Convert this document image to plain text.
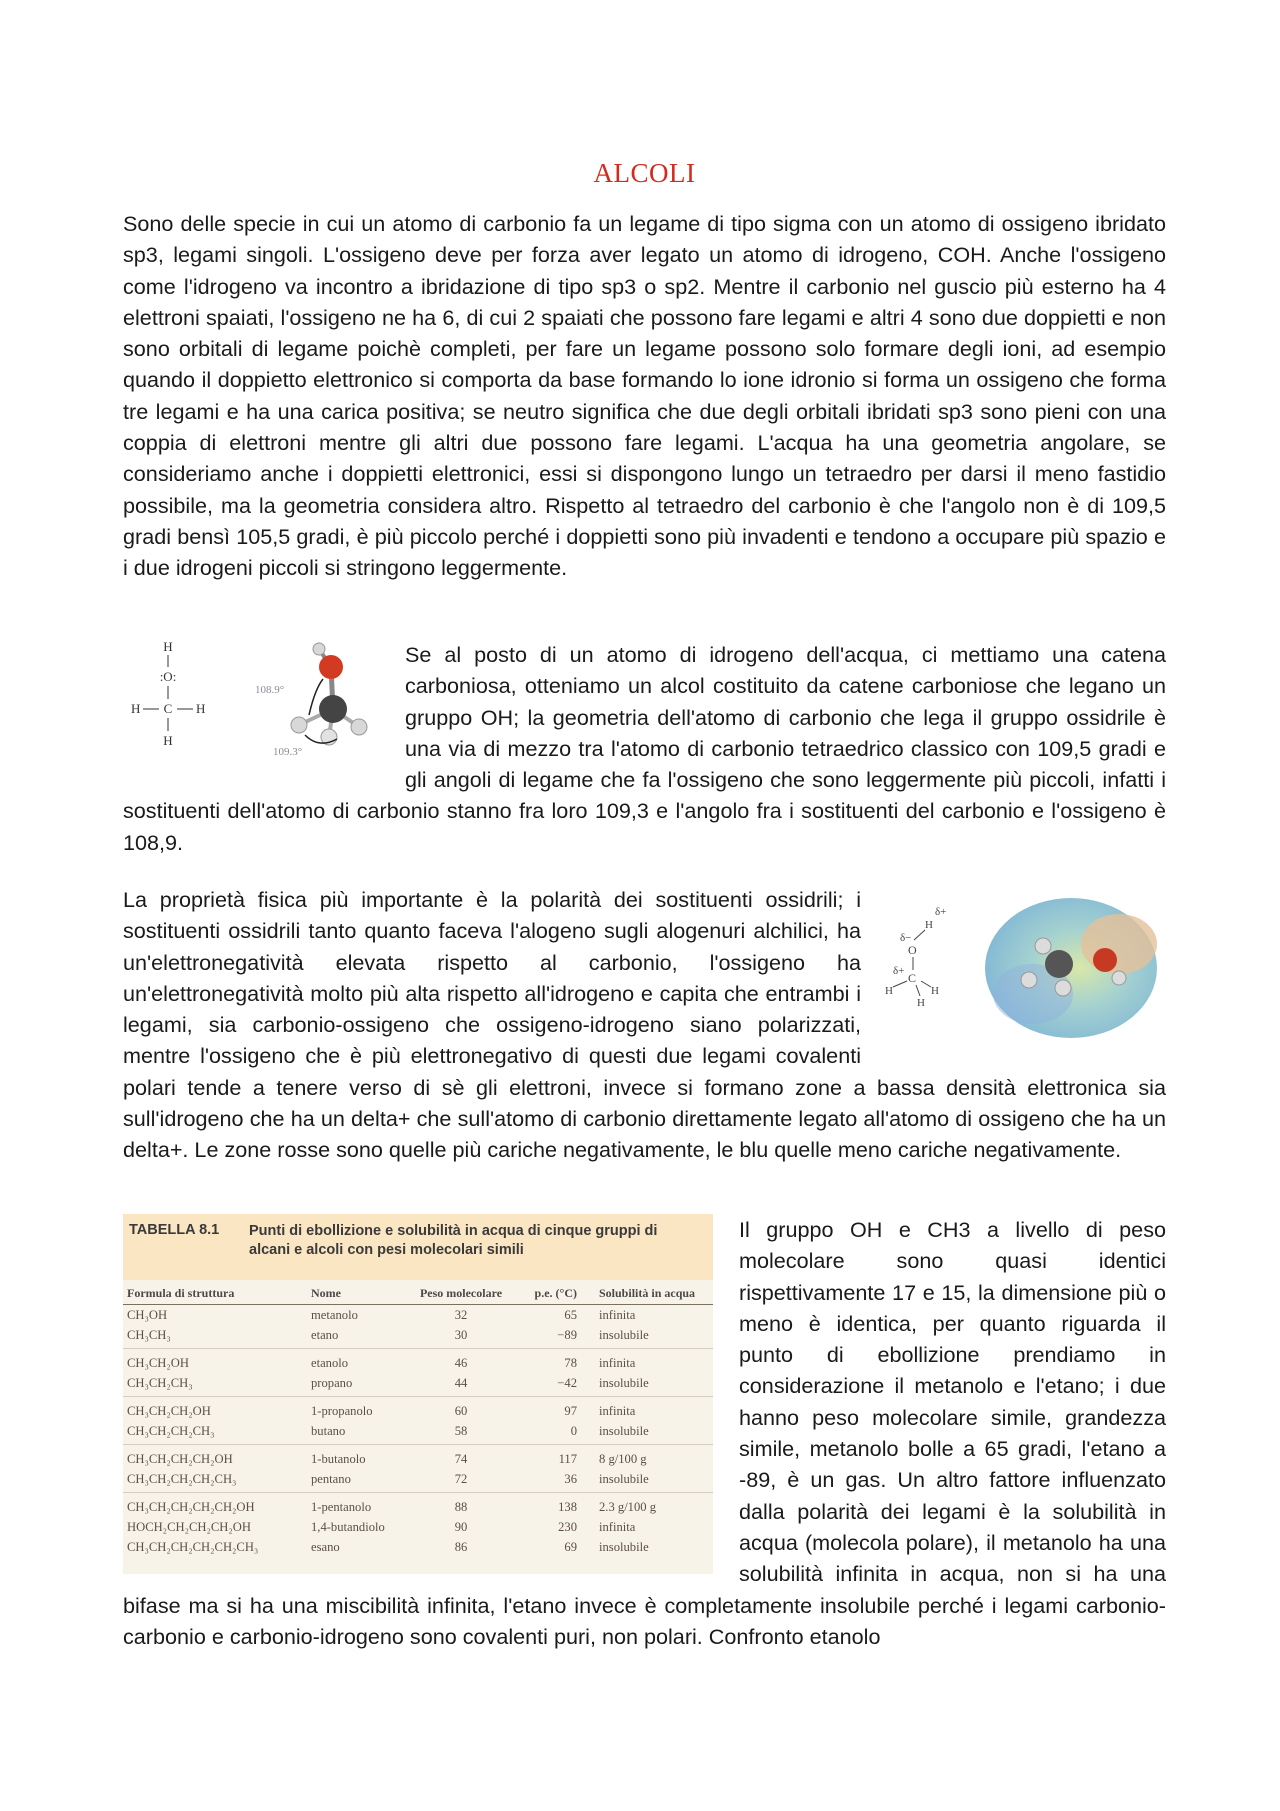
ALCOLI

Sono delle specie in cui un atomo di carbonio fa un legame di tipo sigma con un atomo di ossigeno ibridato sp3, legami singoli. L'ossigeno deve per forza aver legato un atomo di idrogeno, COH. Anche l'ossigeno come l'idrogeno va incontro a ibridazione di tipo sp3 o sp2. Mentre il carbonio nel guscio più esterno ha 4 elettroni spaiati, l'ossigeno ne ha 6, di cui 2 spaiati che possono fare legami e altri 4 sono due doppietti e non sono orbitali di legame poichè completi, per fare un legame possono solo formare degli ioni, ad esempio quando il doppietto elettronico si comporta da base formando lo ione idronio si forma un ossigeno che forma tre legami e ha una carica positiva; se neutro significa che due degli orbitali ibridati sp3 sono pieni con una coppia di elettroni mentre gli altri due possono fare legami. L'acqua ha una geometria angolare, se consideriamo anche i doppietti elettronici, essi si dispongono lungo un tetraedro per darsi il meno fastidio possibile, ma la geometria considera altro. Rispetto al tetraedro del carbonio è che l'angolo non è di 109,5 gradi bensì 105,5 gradi, è più piccolo perché i doppietti sono più invadenti e tendono a occupare più spazio e i due idrogeni piccoli si stringono leggermente.

H
:O:
H C H
H
108.9°
109.3°

Se al posto di un atomo di idrogeno dell'acqua, ci mettiamo una catena carboniosa, otteniamo un alcol costituito da catene carboniose che legano un gruppo OH; la geometria dell'atomo di carbonio che lega il gruppo ossidrile è una via di mezzo tra l'atomo di carbonio tetraedrico classico con 109,5 gradi e gli angoli di legame che fa l'ossigeno che sono leggermente più piccoli, infatti i sostituenti dell'atomo di carbonio stanno fra loro 109,3 e l'angolo fra i sostituenti del carbonio e l'ossigeno è 108,9.

δ+
H
δ−
O
δ+ C
H	H
H

La proprietà fisica più importante è la polarità dei sostituenti ossidrili; i sostituenti ossidrili tanto quanto faceva l'alogeno sugli alogenuri alchilici, ha un'elettronegatività elevata rispetto al carbonio, l'ossigeno ha un'elettronegatività molto più alta rispetto all'idrogeno e capita che entrambi i legami, sia carbonio-ossigeno che ossigeno-idrogeno siano polarizzati, mentre l'ossigeno che è più elettronegativo di questi due legami covalenti polari tende a tenere verso di sè gli elettroni, invece si formano zone a bassa densità elettronica sia sull'idrogeno che ha un delta+ che sull'atomo di carbonio direttamente legato all'atomo di ossigeno che ha un delta+. Le zone rosse sono quelle più cariche negativamente, le blu quelle meno cariche negativamente.

TABELLA 8.1 Punti di ebollizione e solubilità in acqua di cinque gruppi di alcani e alcoli con pesi molecolari simili
Formula di struttura	Nome	Peso molecolare	p.e. (°C)	Solubilità in acqua
CH₃OH	metanolo	32	65	infinita
CH₃CH₃	etano	30	−89	insolubile
CH₃CH₂OH	etanolo	46	78	infinita
CH₃CH₂CH₃	propano	44	−42	insolubile
CH₃CH₂CH₂OH	1-propanolo	60	97	infinita
CH₃CH₂CH₂CH₃	butano	58	0	insolubile
CH₃CH₂CH₂CH₂OH	1-butanolo	74	117	8 g/100 g
CH₃CH₂CH₂CH₂CH₃	pentano	72	36	insolubile
CH₃CH₂CH₂CH₂CH₂OH	1-pentanolo	88	138	2.3 g/100 g
HOCH₂CH₂CH₂CH₂OH	1,4-butandiolo	90	230	infinita
CH₃CH₂CH₂CH₂CH₂CH₃	esano	86	69	insolubile

Il gruppo OH e CH3 a livello di peso molecolare sono quasi identici rispettivamente 17 e 15, la dimensione più o meno è identica, per quanto riguarda il punto di ebollizione prendiamo in considerazione il metanolo e l'etano; i due hanno peso molecolare simile, grandezza simile, metanolo bolle a 65 gradi, l'etano a -89, è un gas. Un altro fattore influenzato dalla polarità dei legami è la solubilità in acqua (molecola polare), il metanolo ha una solubilità infinita in acqua, non si ha una bifase ma si ha una miscibilità infinita, l'etano invece è completamente insolubile perché i legami carbonio-carbonio e carbonio-idrogeno sono covalenti puri, non polari. Confronto etanolo
